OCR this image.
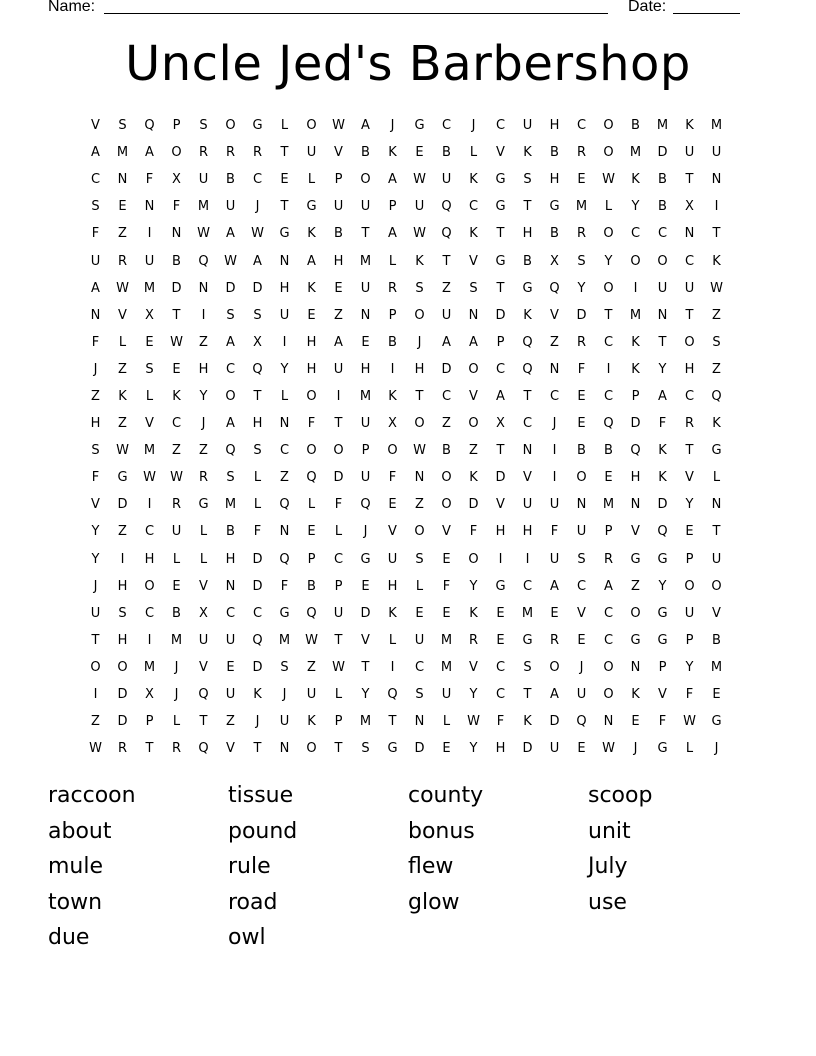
Name:	Date:
Uncle Jed's Barbershop
V	S	Q	P	S	O	G	L	O	W	A	J	G	C	J	C	U	H	C	O	B	M	K	M
A	M	A	O	R	R	R	T	U	V	B	K	E	B	L	V	K	B	R	O	M	D	U	U
C	N	F	X	U	B	C	E	L	P	O	A	W	U	K	G	S	H	E	W	K	B	T	N
S	E	N	F	M	U	J	T	G	U	U	P	U	Q	C	G	T	G	M	L	Y	B	X	I
F	Z	I	N	W	A	W	G	K	B	T	A	W	Q	K	T	H	B	R	O	C	C	N	T
U	R	U	B	Q	W	A	N	A	H	M	L	K	T	V	G	B	X	S	Y	O	O	C	K
A	W	M	D	N	D	D	H	K	E	U	R	S	Z	S	T	G	Q	Y	O	I	U	U	W
N	V	X	T	I	S	S	U	E	Z	N	P	O	U	N	D	K	V	D	T	M	N	T	Z
F	L	E	W	Z	A	X	I	H	A	E	B	J	A	A	P	Q	Z	R	C	K	T	O	S
J	Z	S	E	H	C	Q	Y	H	U	H	I	H	D	O	C	Q	N	F	I	K	Y	H	Z
Z	K	L	K	Y	O	T	L	O	I	M	K	T	C	V	A	T	C	E	C	P	A	C	Q
H	Z	V	C	J	A	H	N	F	T	U	X	O	Z	O	X	C	J	E	Q	D	F	R	K
S	W	M	Z	Z	Q	S	C	O	O	P	O	W	B	Z	T	N	I	B	B	Q	K	T	G
F	G	W	W	R	S	L	Z	Q	D	U	F	N	O	K	D	V	I	O	E	H	K	V	L
V	D	I	R	G	M	L	Q	L	F	Q	E	Z	O	D	V	U	U	N	M	N	D	Y	N
Y	Z	C	U	L	B	F	N	E	L	J	V	O	V	F	H	H	F	U	P	V	Q	E	T
Y	I	H	L	L	H	D	Q	P	C	G	U	S	E	O	I	I	U	S	R	G	G	P	U
J	H	O	E	V	N	D	F	B	P	E	H	L	F	Y	G	C	A	C	A	Z	Y	O	O
U	S	C	B	X	C	C	G	Q	U	D	K	E	E	K	E	M	E	V	C	O	G	U	V
T	H	I	M	U	U	Q	M	W	T	V	L	U	M	R	E	G	R	E	C	G	G	P	B
O	O	M	J	V	E	D	S	Z	W	T	I	C	M	V	C	S	O	J	O	N	P	Y	M
I	D	X	J	Q	U	K	J	U	L	Y	Q	S	U	Y	C	T	A	U	O	K	V	F	E
Z	D	P	L	T	Z	J	U	K	P	M	T	N	L	W	F	K	D	Q	N	E	F	W	G
W	R	T	R	Q	V	T	N	O	T	S	G	D	E	Y	H	D	U	E	W	J	G	L	J
raccoon	tissue	county	scoop
about	pound	bonus	unit
mule	rule	flew	July
town	road	glow	use
due	owl
